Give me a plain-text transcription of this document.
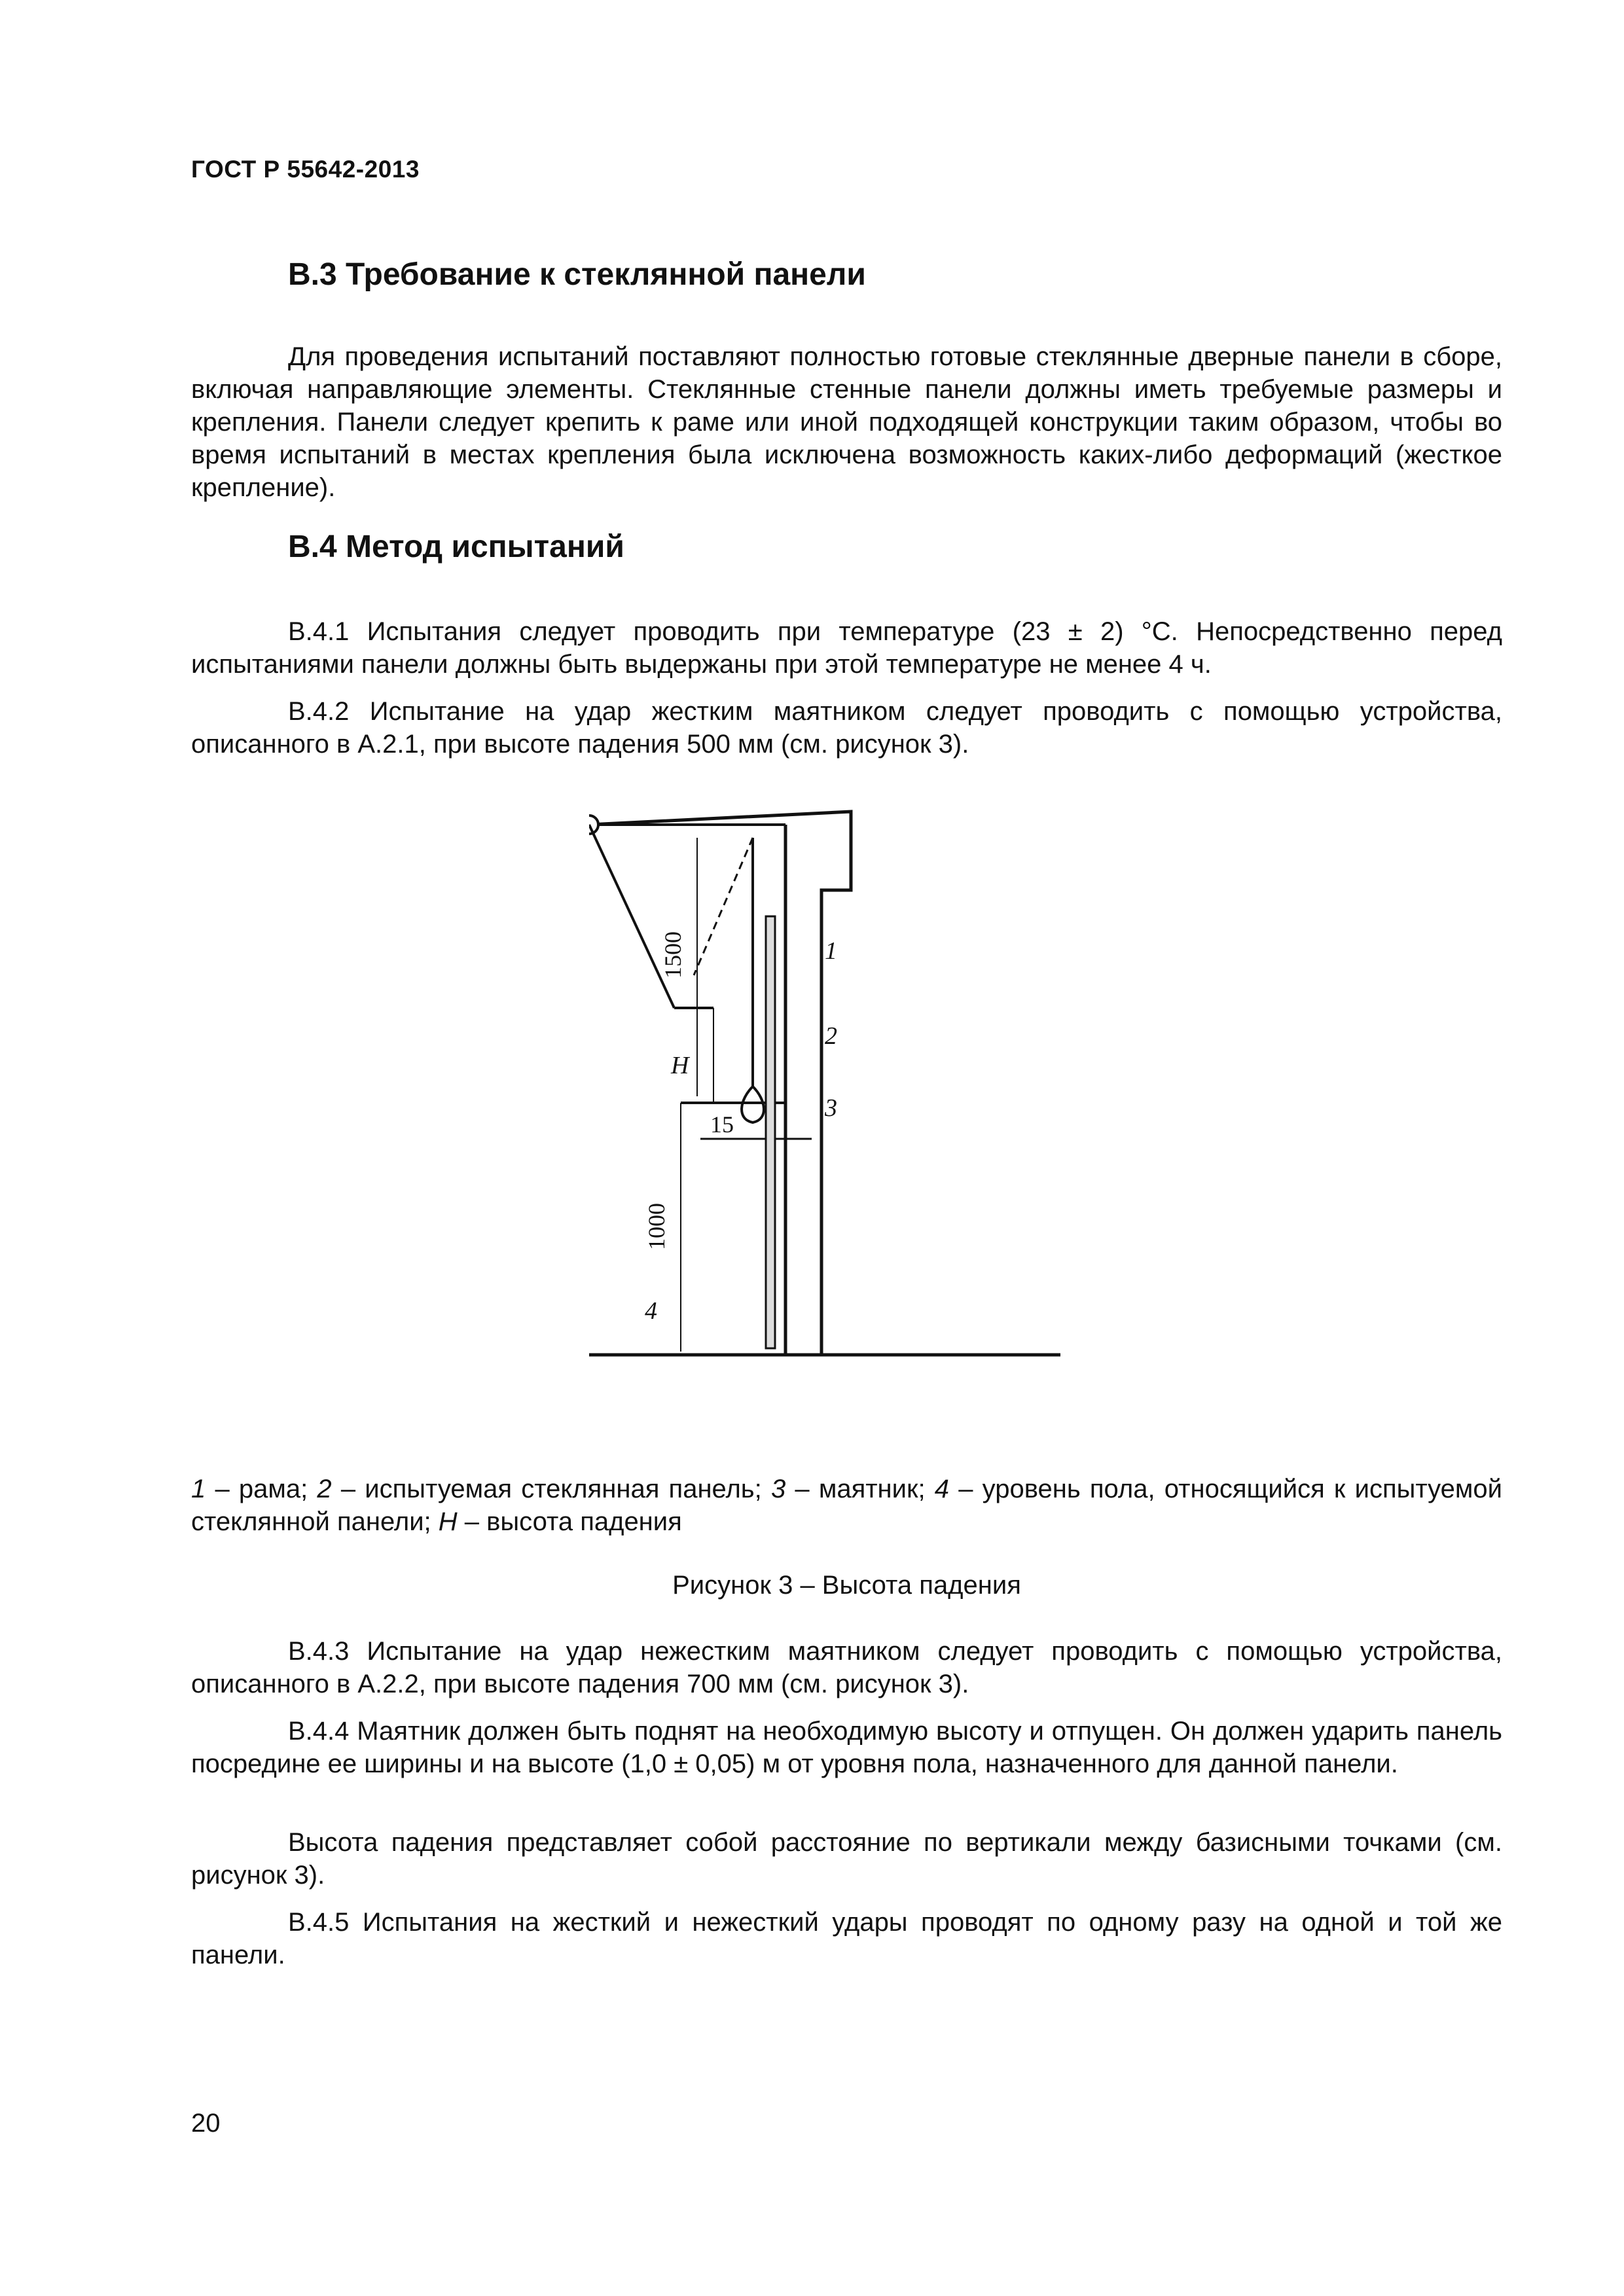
ГОСТ Р 55642-2013
В.3 Требование к стеклянной панели
Для проведения испытаний поставляют полностью готовые стеклянные дверные панели в сборе, включая направляющие элементы. Стеклянные стенные панели должны иметь требуемые размеры и крепления. Панели следует крепить к раме или иной подходящей конструкции таким образом, чтобы во время испытаний в местах крепления была исключена возможность каких-либо деформаций (жесткое крепление).
В.4 Метод испытаний
В.4.1 Испытания следует проводить при температуре (23 ± 2) °С. Непосредственно перед испытаниями панели должны быть выдержаны при этой температуре не менее 4 ч.
В.4.2 Испытание на удар жестким маятником следует проводить с помощью устройства, описанного в А.2.1, при высоте падения 500 мм (см. рисунок 3).
1500
H
15
1000
1
2
3
4
1 – рама; 2 – испытуемая стеклянная панель; 3 – маятник; 4 – уровень пола, относящийся к испытуемой стеклянной панели; H – высота падения
Рисунок 3 – Высота падения
В.4.3 Испытание на удар нежестким маятником следует проводить с помощью устройства, описанного в А.2.2, при высоте падения 700 мм (см. рисунок 3).
В.4.4 Маятник должен быть поднят на необходимую высоту и отпущен. Он должен ударить панель посредине ее ширины и на высоте (1,0 ± 0,05) м от уровня пола, назначенного для данной панели.
Высота падения представляет собой расстояние по вертикали между базисными точками (см. рисунок 3).
В.4.5 Испытания на жесткий и нежесткий удары проводят по одному разу на одной и той же панели.
20
